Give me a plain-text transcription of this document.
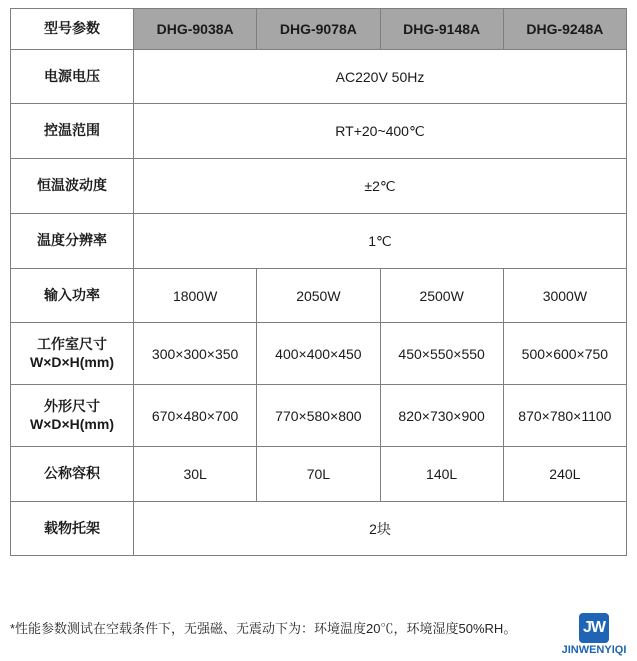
型号参数	DHG-9038A	DHG-9078A	DHG-9148A	DHG-9248A
电源电压	AC220V 50Hz			
控温范围	RT+20~400℃			
恒温波动度	±2℃			
温度分辨率	1℃			
输入功率	1800W	2050W	2500W	3000W

工作室尺寸
W×D×H(mm)	300×300×350	400×400×450	450×550×550	500×600×750

外形尺寸
W×D×H(mm)	670×480×700	770×580×800	820×730×900	870×780×1100
公称容积	30L	70L	140L	240L
载物托架	2块			
*性能参数测试在空载条件下，无强磁、无震动下为：环境温度20℃，环境湿度50%RH。	JW
JINWENYIQI
